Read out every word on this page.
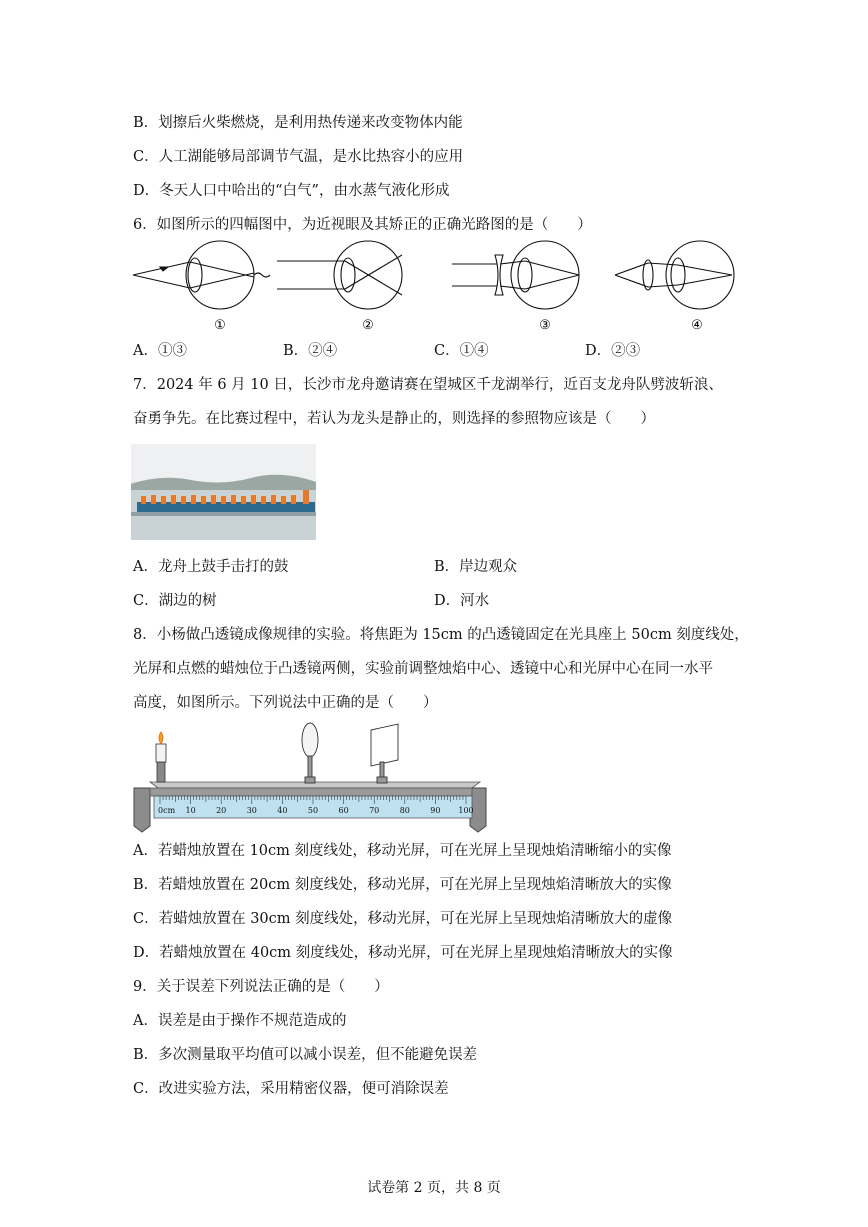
B．划擦后火柴燃烧，是利用热传递来改变物体内能
C．人工湖能够局部调节气温，是水比热容小的应用
D．冬天人口中哈出的“白气”，由水蒸气液化形成
6．如图所示的四幅图中，为近视眼及其矫正的正确光路图的是（　　）
①	②	③	④
A．①③	B．②④	C．①④	D．②③
7．2024 年 6 月 10 日，长沙市龙舟邀请赛在望城区千龙湖举行，近百支龙舟队劈波斩浪、
奋勇争先。在比赛过程中，若认为龙头是静止的，则选择的参照物应该是（　　）
A．龙舟上鼓手击打的鼓	B．岸边观众
C．湖边的树	D．河水
8．小杨做凸透镜成像规律的实验。将焦距为 15cm 的凸透镜固定在光具座上 50cm 刻度线处，
光屏和点燃的蜡烛位于凸透镜两侧，实验前调整烛焰中心、透镜中心和光屏中心在同一水平
高度，如图所示。下列说法中正确的是（　　）
0cm 10	20	30	40	50	60	70	80	90 100
A．若蜡烛放置在 10cm 刻度线处，移动光屏，可在光屏上呈现烛焰清晰缩小的实像
B．若蜡烛放置在 20cm 刻度线处，移动光屏，可在光屏上呈现烛焰清晰放大的实像
C．若蜡烛放置在 30cm 刻度线处，移动光屏，可在光屏上呈现烛焰清晰放大的虚像
D．若蜡烛放置在 40cm 刻度线处，移动光屏，可在光屏上星现烛焰清晰放大的实像
9．关于误差下列说法正确的是（　　）
A．误差是由于操作不规范造成的
B．多次测量取平均值可以减小误差，但不能避免误差
C．改进实验方法，采用精密仪器，便可消除误差
试卷第 2 页，共 8 页
